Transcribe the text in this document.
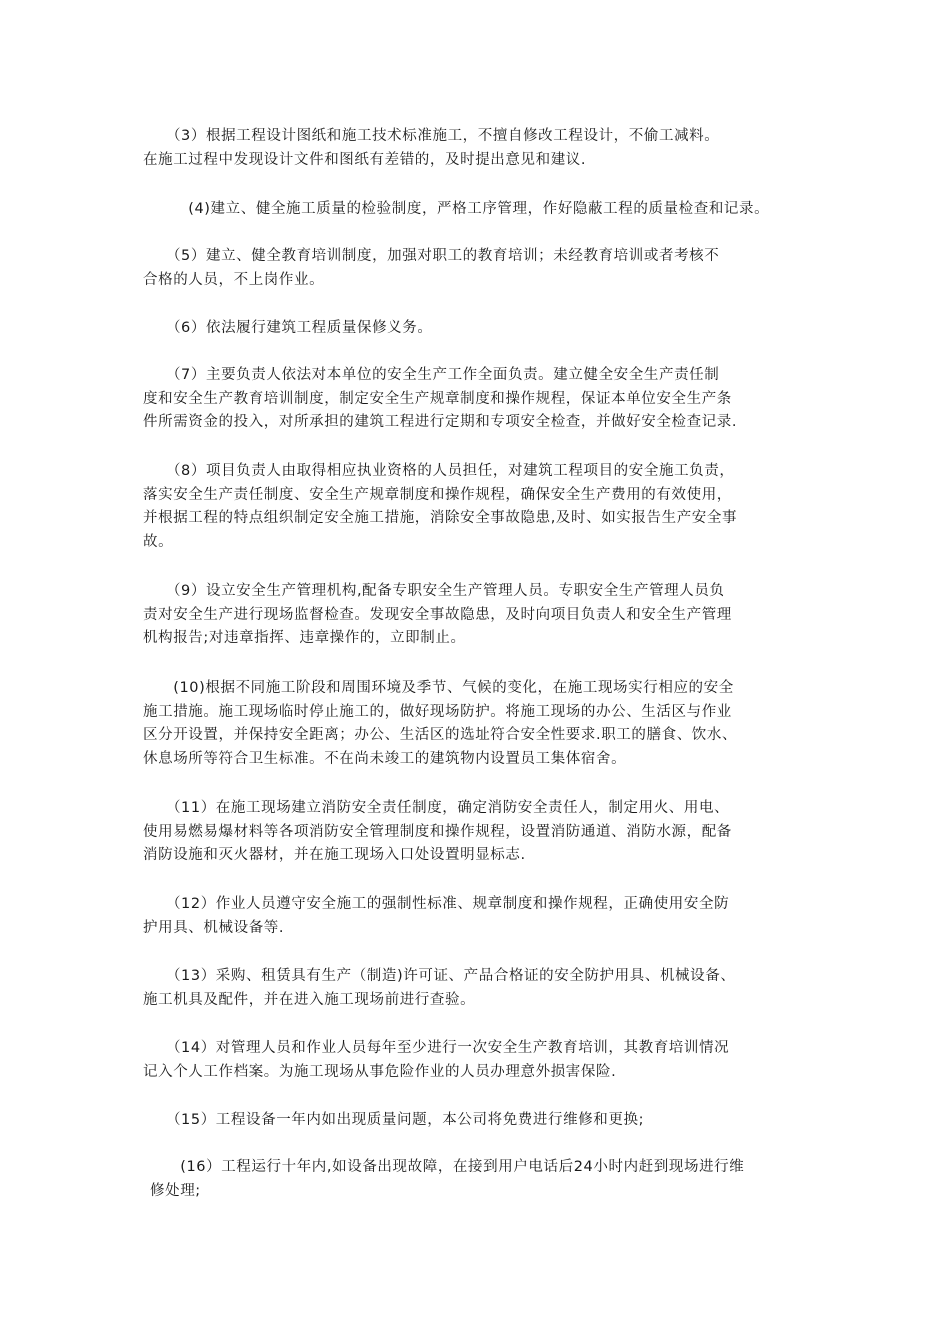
　　（3）根据工程设计图纸和施工技术标准施工，不擅自修改工程设计，不偷工减料。
在施工过程中发现设计文件和图纸有差错的，及时提出意见和建议.

　　(4)建立、健全施工质量的检验制度，严格工序管理，作好隐蔽工程的质量检查和记录。

　　（5）建立、健全教育培训制度，加强对职工的教育培训；未经教育培训或者考核不
合格的人员，不上岗作业。

　　（6）依法履行建筑工程质量保修义务。

　　（7）主要负责人依法对本单位的安全生产工作全面负责。建立健全安全生产责任制
度和安全生产教育培训制度，制定安全生产规章制度和操作规程，保证本单位安全生产条
件所需资金的投入，对所承担的建筑工程进行定期和专项安全检查，并做好安全检查记录.

　　（8）项目负责人由取得相应执业资格的人员担任，对建筑工程项目的安全施工负责，
落实安全生产责任制度、安全生产规章制度和操作规程，确保安全生产费用的有效使用，
并根据工程的特点组织制定安全施工措施，消除安全事故隐患,及时、如实报告生产安全事
故。

　　（9）设立安全生产管理机构,配备专职安全生产管理人员。专职安全生产管理人员负
责对安全生产进行现场监督检查。发现安全事故隐患，及时向项目负责人和安全生产管理
机构报告;对违章指挥、违章操作的，立即制止。

　　(10)根据不同施工阶段和周围环境及季节、气候的变化，在施工现场实行相应的安全
施工措施。施工现场临时停止施工的，做好现场防护。将施工现场的办公、生活区与作业
区分开设置，并保持安全距离；办公、生活区的选址符合安全性要求.职工的膳食、饮水、
休息场所等符合卫生标准。不在尚未竣工的建筑物内设置员工集体宿舍。

　　（11）在施工现场建立消防安全责任制度，确定消防安全责任人，制定用火、用电、
使用易燃易爆材料等各项消防安全管理制度和操作规程，设置消防通道、消防水源，配备
消防设施和灭火器材，并在施工现场入口处设置明显标志.

　　（12）作业人员遵守安全施工的强制性标准、规章制度和操作规程，正确使用安全防
护用具、机械设备等.

　　（13）采购、租赁具有生产（制造)许可证、产品合格证的安全防护用具、机械设备、
施工机具及配件，并在进入施工现场前进行查验。

　　（14）对管理人员和作业人员每年至少进行一次安全生产教育培训，其教育培训情况
记入个人工作档案。为施工现场从事危险作业的人员办理意外损害保险.

　　（15）工程设备一年内如出现质量问题，本公司将免费进行维修和更换;

　　(16）工程运行十年内,如设备出现故障，在接到用户电话后24小时内赶到现场进行维
修处理;
